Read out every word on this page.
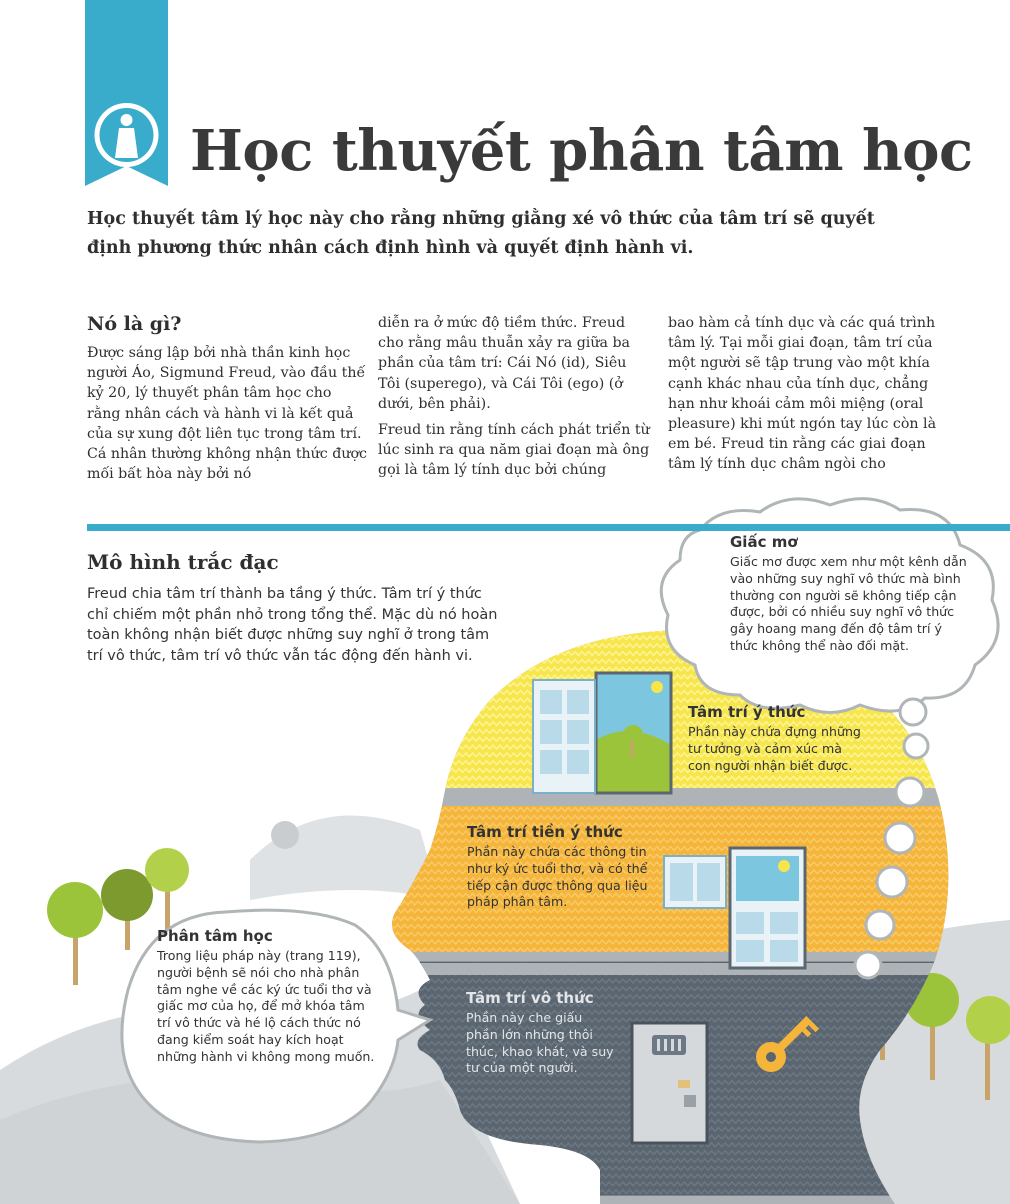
Học thuyết phân tâm học
Học thuyết tâm lý học này cho rằng những giằng xé vô thức của tâm trí sẽ quyết định phương thức nhân cách định hình và quyết định hành vi.
Nó là gì?

Được sáng lập bởi nhà thần kinh học người Áo, Sigmund Freud, vào đầu thế kỷ 20, lý thuyết phân tâm học cho rằng nhân cách và hành vi là kết quả của sự xung đột liên tục trong tâm trí. Cá nhân thường không nhận thức được mối bất hòa này bởi nó

diễn ra ở mức độ tiềm thức. Freud cho rằng mâu thuẫn xảy ra giữa ba phần của tâm trí: Cái Nó (id), Siêu Tôi (superego), và Cái Tôi (ego) (ở dưới, bên phải).

Freud tin rằng tính cách phát triển từ lúc sinh ra qua năm giai đoạn mà ông gọi là tâm lý tính dục bởi chúng

bao hàm cả tính dục và các quá trình tâm lý. Tại mỗi giai đoạn, tâm trí của một người sẽ tập trung vào một khía cạnh khác nhau của tính dục, chẳng hạn như khoái cảm môi miệng (oral pleasure) khi mút ngón tay lúc còn là em bé. Freud tin rằng các giai đoạn tâm lý tính dục châm ngòi cho

Mô hình trắc đạc
Freud chia tâm trí thành ba tầng ý thức. Tâm trí ý thức chỉ chiếm một phần nhỏ trong tổng thể. Mặc dù nó hoàn toàn không nhận biết được những suy nghĩ ở trong tâm trí vô thức, tâm trí vô thức vẫn tác động đến hành vi.
Giấc mơ
Giấc mơ được xem như một kênh dẫn vào những suy nghĩ vô thức mà bình thường con người sẽ không tiếp cận được, bởi có nhiều suy nghĩ vô thức gây hoang mang đến độ tâm trí ý thức không thể nào đối mặt.
Tâm trí ý thức
Phần này chứa đựng những tư tưởng và cảm xúc mà con người nhận biết được.
Tâm trí tiền ý thức
Phần này chứa các thông tin như ký ức tuổi thơ, và có thể tiếp cận được thông qua liệu pháp phân tâm.
Tâm trí vô thức
Phần này che giấu phần lớn những thôi thúc, khao khát, và suy tư của một người.
Phân tâm học
Trong liệu pháp này (trang 119), người bệnh sẽ nói cho nhà phân tâm nghe về các ký ức tuổi thơ và giấc mơ của họ, để mở khóa tâm trí vô thức và hé lộ cách thức nó đang kiểm soát hay kích hoạt những hành vi không mong muốn.
